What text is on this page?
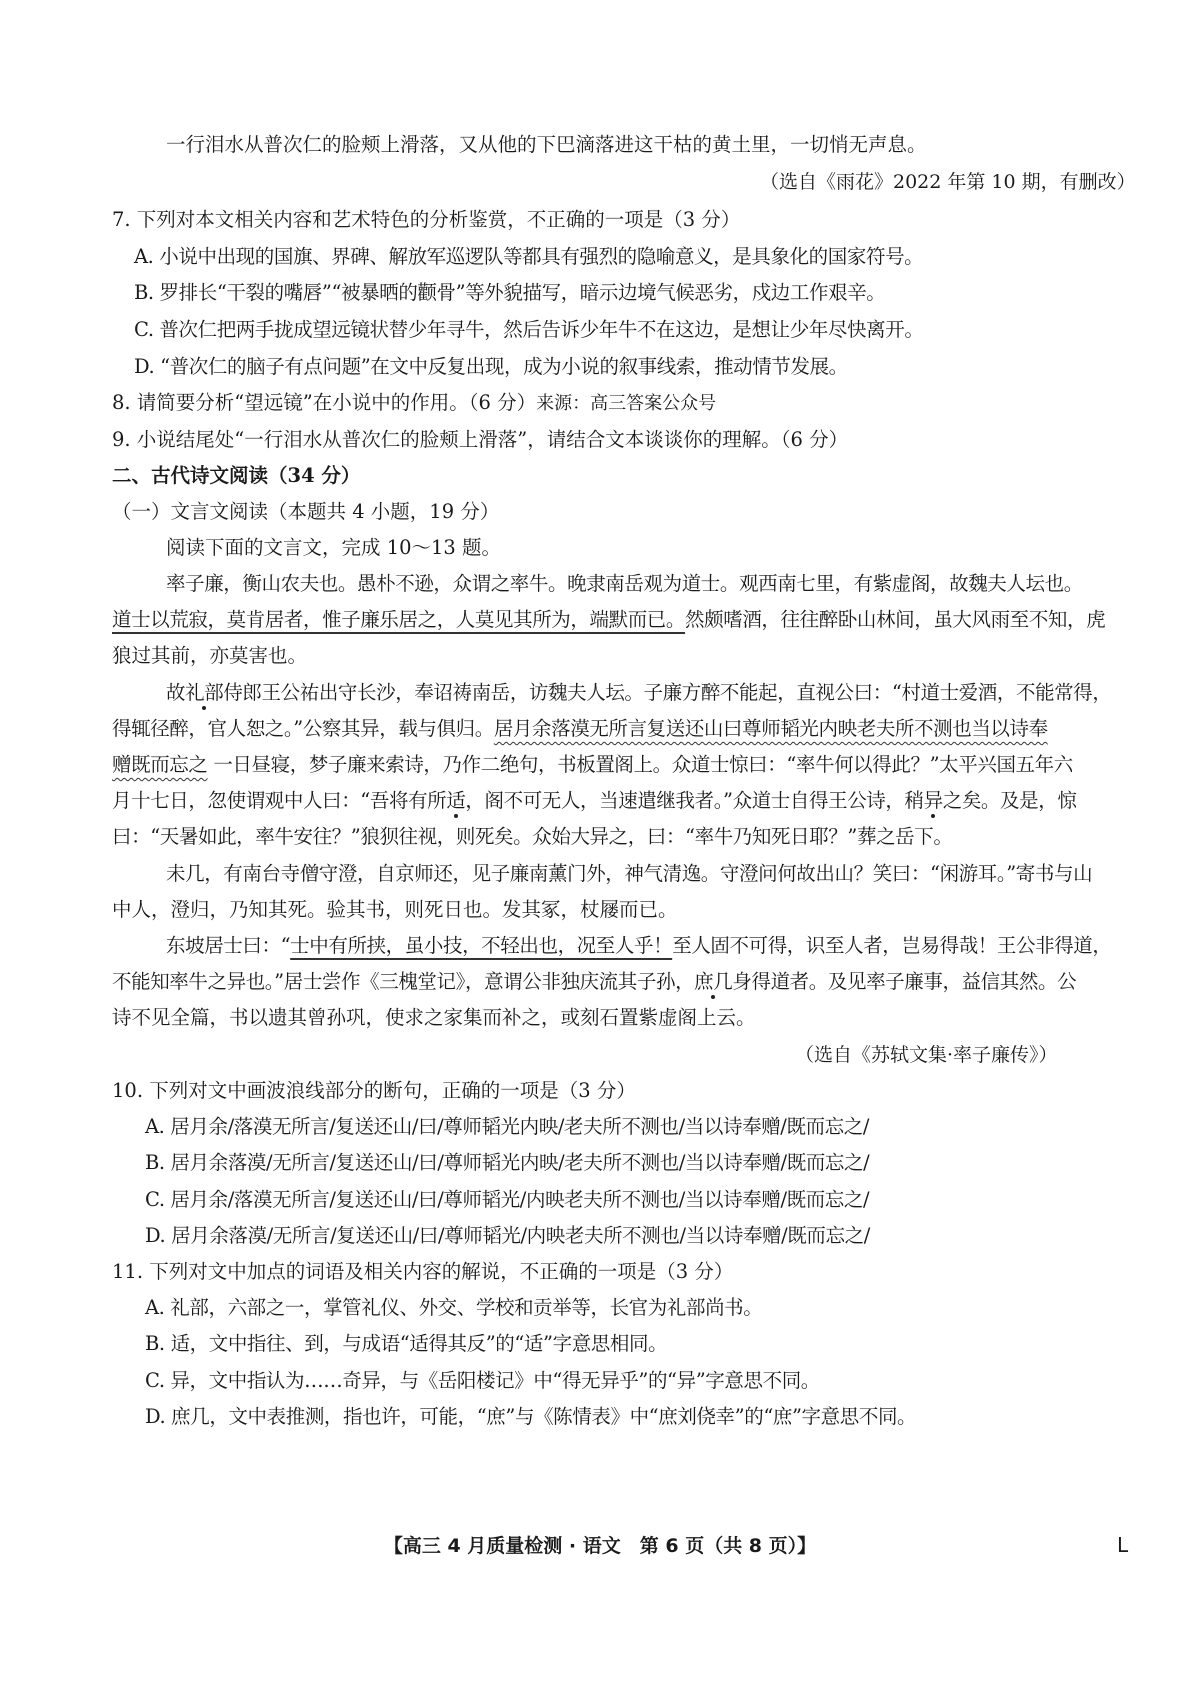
一行泪水从普次仁的脸颊上滑落，又从他的下巴滴落进这干枯的黄土里，一切悄无声息。
（选自《雨花》2022 年第 10 期，有删改）
7. 下列对本文相关内容和艺术特色的分析鉴赏，不正确的一项是（3 分）
A. 小说中出现的国旗、界碑、解放军巡逻队等都具有强烈的隐喻意义，是具象化的国家符号。
B. 罗排长“干裂的嘴唇”“被暴晒的颧骨”等外貌描写，暗示边境气候恶劣，戍边工作艰辛。
C. 普次仁把两手拢成望远镜状替少年寻牛，然后告诉少年牛不在这边，是想让少年尽快离开。
D. “普次仁的脑子有点问题”在文中反复出现，成为小说的叙事线索，推动情节发展。
8. 请简要分析“望远镜”在小说中的作用。（6 分）来源：高三答案公众号
9. 小说结尾处“一行泪水从普次仁的脸颊上滑落”，请结合文本谈谈你的理解。（6 分）
二、古代诗文阅读（34 分）
（一）文言文阅读（本题共 4 小题，19 分）
阅读下面的文言文，完成 10～13 题。
率子廉，衡山农夫也。愚朴不逊，众谓之率牛。晚隶南岳观为道士。观西南七里，有紫虚阁，故魏夫人坛也。
道士以荒寂，莫肯居者，惟子廉乐居之，人莫见其所为，端默而已。然颇嗜酒，往往醉卧山林间，虽大风雨至不知，虎
狼过其前，亦莫害也。
故礼部侍郎王公祐出守长沙，奉诏祷南岳，访魏夫人坛。子廉方醉不能起，直视公曰：“村道士爱酒，不能常得，
得辄径醉，官人恕之。”公察其异，载与俱归。居月余落漠无所言复送还山曰尊师韬光内映老夫所不测也当以诗奉
赠既而忘之 一日昼寝，梦子廉来索诗，乃作二绝句，书板置阁上。众道士惊曰：“率牛何以得此？”太平兴国五年六
月十七日，忽使谓观中人曰：“吾将有所适，阁不可无人，当速遣继我者。”众道士自得王公诗，稍异之矣。及是，惊
曰：“天暑如此，率牛安往？”狼狈往视，则死矣。众始大异之，曰：“率牛乃知死日耶？”葬之岳下。
未几，有南台寺僧守澄，自京师还，见子廉南薰门外，神气清逸。守澄问何故出山？笑曰：“闲游耳。”寄书与山
中人，澄归，乃知其死。验其书，则死日也。发其冢，杖屦而已。
东坡居士曰：“士中有所挟，虽小技，不轻出也，况至人乎！至人固不可得，识至人者，岂易得哉！王公非得道，
不能知率牛之异也。”居士尝作《三槐堂记》，意谓公非独庆流其子孙，庶几身得道者。及见率子廉事，益信其然。公
诗不见全篇，书以遗其曾孙巩，使求之家集而补之，或刻石置紫虚阁上云。
（选自《苏轼文集·率子廉传》）
10. 下列对文中画波浪线部分的断句，正确的一项是（3 分）
A. 居月余/落漠无所言/复送还山/曰/尊师韬光内映/老夫所不测也/当以诗奉赠/既而忘之/
B. 居月余落漠/无所言/复送还山/曰/尊师韬光内映/老夫所不测也/当以诗奉赠/既而忘之/
C. 居月余/落漠无所言/复送还山/曰/尊师韬光/内映老夫所不测也/当以诗奉赠/既而忘之/
D. 居月余落漠/无所言/复送还山/曰/尊师韬光/内映老夫所不测也/当以诗奉赠/既而忘之/
11. 下列对文中加点的词语及相关内容的解说，不正确的一项是（3 分）
A. 礼部，六部之一，掌管礼仪、外交、学校和贡举等，长官为礼部尚书。
B. 适，文中指往、到，与成语“适得其反”的“适”字意思相同。
C. 异，文中指认为……奇异，与《岳阳楼记》中“得无异乎”的“异”字意思不同。
D. 庶几，文中表推测，指也许，可能，“庶”与《陈情表》中“庶刘侥幸”的“庶”字意思不同。
【高三 4 月质量检测 · 语文　第 6 页（共 8 页）】	L
